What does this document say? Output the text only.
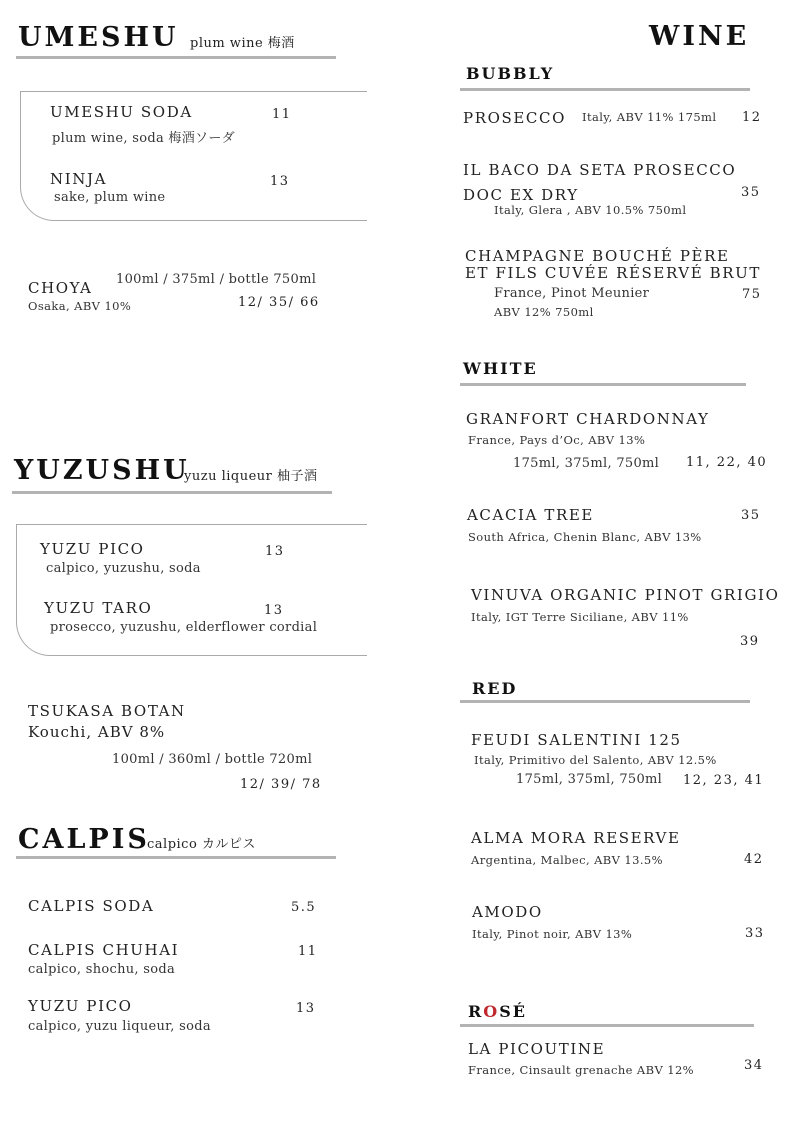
UMESHU plum wine 梅酒
UMESHU SODA
plum wine, soda 梅酒ソーダ
11
NINJA
sake, plum wine
13
CHOYA
Osaka, ABV 10%
100ml / 375ml / bottle 750ml
12/ 35/ 66
YUZUSHU
yuzu liqueur 柚子酒
YUZU PICO
calpico, yuzushu, soda
13
YUZU TARO
prosecco, yuzushu, elderflower cordial
13
TSUKASA BOTAN
Kouchi, ABV 8%
100ml / 360ml / bottle 720ml
12/ 39/ 78
CALPIS
calpico カルピス
CALPIS SODA	5.5
CALPIS CHUHAI
calpico, shochu, soda
11
YUZU PICO
calpico, yuzu liqueur, soda
13
WINE
BUBBLY
PROSECCO Italy, ABV 11% 175ml 12
IL BACO DA SETA PROSECCO
DOC EX DRY
Italy, Glera , ABV 10.5% 750ml
35
CHAMPAGNE BOUCHÉ PÈRE
ET FILS CUVÉE RÉSERVÉ BRUT
France, Pinot Meunier
ABV 12% 750ml
75
WHITE
GRANFORT CHARDONNAY
France, Pays d’Oc, ABV 13%
175ml, 375ml, 750ml 11, 22, 40
ACACIA TREE
South Africa, Chenin Blanc, ABV 13%
35
VINUVA ORGANIC PINOT GRIGIO
Italy, IGT Terre Siciliane, ABV 11%
39
RED
FEUDI SALENTINI 125
Italy, Primitivo del Salento, ABV 12.5%
175ml, 375ml, 750ml 12, 23, 41
ALMA MORA RESERVE
Argentina, Malbec, ABV 13.5%	42
AMODO
Italy, Pinot noir, ABV 13%	33
ROSÉ
LA PICOUTINE
France, Cinsault grenache ABV 12%	34
